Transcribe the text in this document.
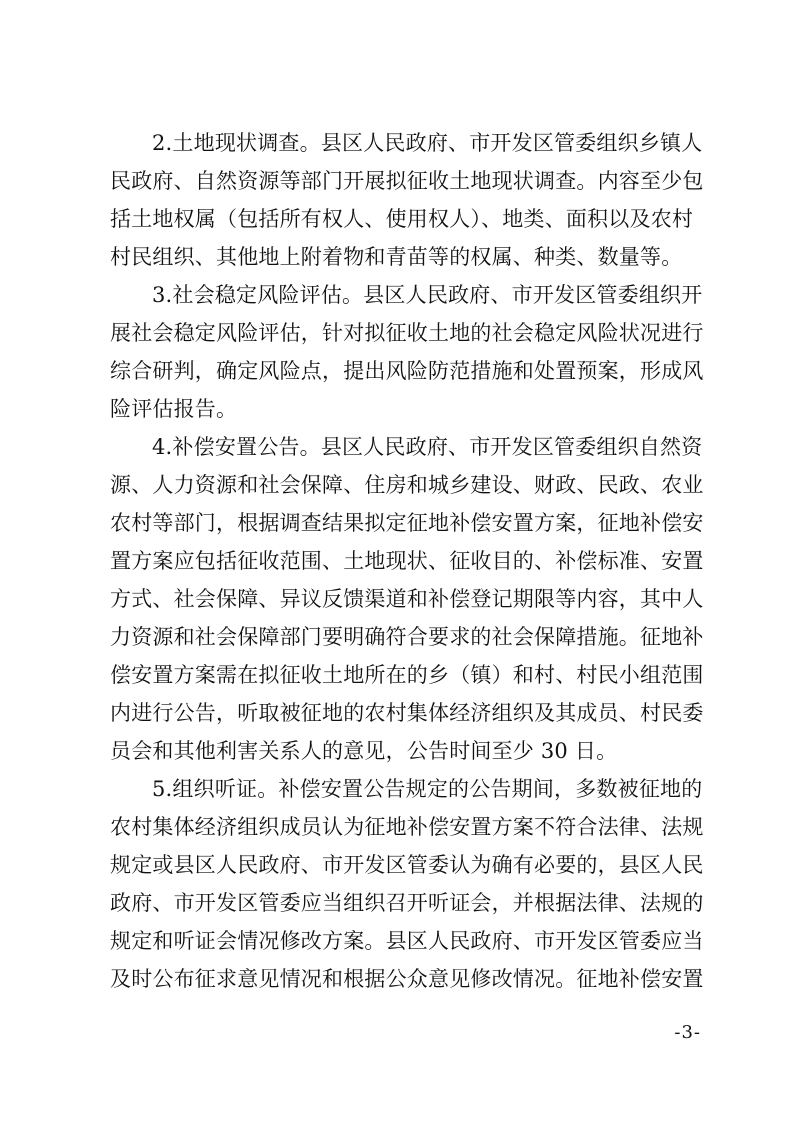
2.土地现状调查。县区人民政府、市开发区管委组织乡镇人
民政府、自然资源等部门开展拟征收土地现状调查。内容至少包
括土地权属（包括所有权人、使用权人）、地类、面积以及农村
村民组织、其他地上附着物和青苗等的权属、种类、数量等。
3.社会稳定风险评估。县区人民政府、市开发区管委组织开
展社会稳定风险评估，针对拟征收土地的社会稳定风险状况进行
综合研判，确定风险点，提出风险防范措施和处置预案，形成风
险评估报告。
4.补偿安置公告。县区人民政府、市开发区管委组织自然资
源、人力资源和社会保障、住房和城乡建设、财政、民政、农业
农村等部门，根据调查结果拟定征地补偿安置方案，征地补偿安
置方案应包括征收范围、土地现状、征收目的、补偿标准、安置
方式、社会保障、异议反馈渠道和补偿登记期限等内容，其中人
力资源和社会保障部门要明确符合要求的社会保障措施。征地补
偿安置方案需在拟征收土地所在的乡（镇）和村、村民小组范围
内进行公告，听取被征地的农村集体经济组织及其成员、村民委
员会和其他利害关系人的意见，公告时间至少 30 日。
5.组织听证。补偿安置公告规定的公告期间，多数被征地的
农村集体经济组织成员认为征地补偿安置方案不符合法律、法规
规定或县区人民政府、市开发区管委认为确有必要的，县区人民
政府、市开发区管委应当组织召开听证会，并根据法律、法规的
规定和听证会情况修改方案。县区人民政府、市开发区管委应当
及时公布征求意见情况和根据公众意见修改情况。征地补偿安置
-3-
